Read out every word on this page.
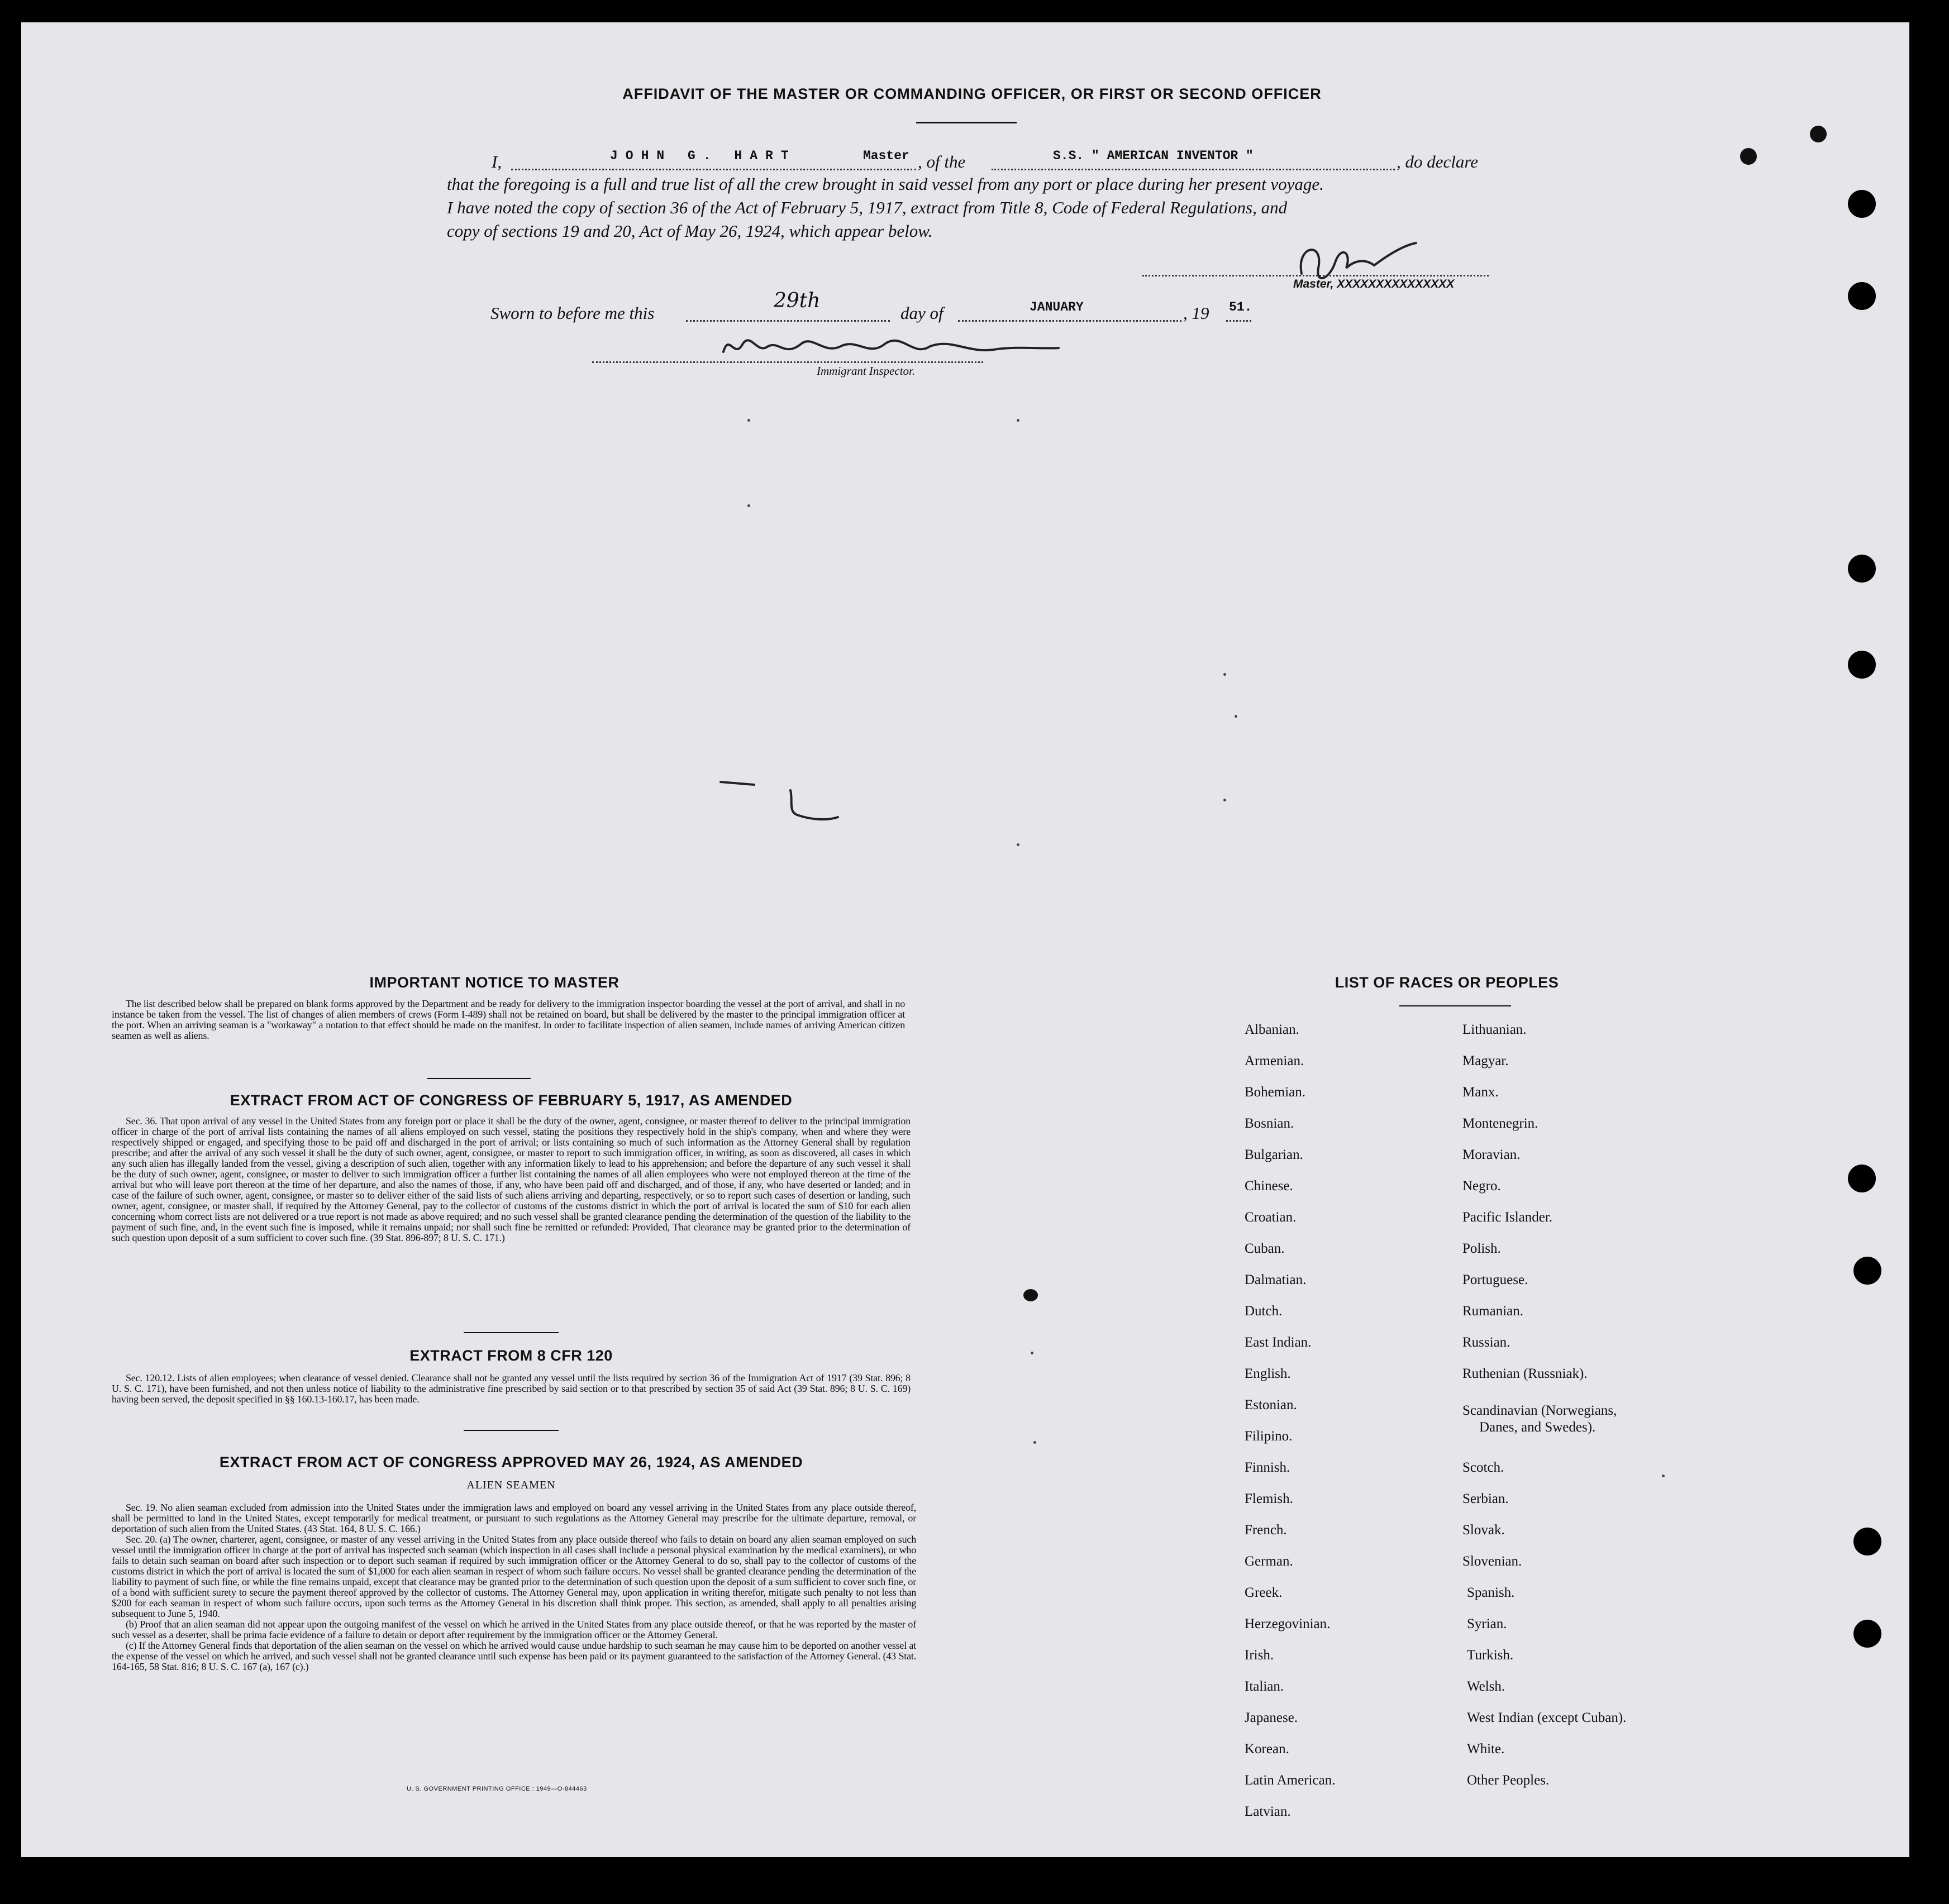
AFFIDAVIT OF THE MASTER OR COMMANDING OFFICER, OR FIRST OR SECOND OFFICER
I,	JOHN G. HART	Master , of the	S.S. " AMERICAN INVENTOR "	, do declare
that the foregoing is a full and true list of all the crew brought in said vessel from any port or place during her present voyage.
I have noted the copy of section 36 of the Act of February 5, 1917, extract from Title 8, Code of Federal Regulations, and
copy of sections 19 and 20, Act of May 26, 1924, which appear below.
Master, XXXXXXXXXXXXXXX
Sworn to before me this
29th
day of	JANUARY	, 19 51.
Immigrant Inspector.
IMPORTANT NOTICE TO MASTER

The list described below shall be prepared on blank forms approved by the Department and be ready for delivery to the immigration inspector boarding the vessel at the port of arrival, and shall in no instance be taken from the vessel. The list of changes of alien members of crews (Form I-489) shall not be retained on board, but shall be delivered by the master to the principal immigration officer at the port. When an arriving seaman is a "workaway" a notation to that effect should be made on the manifest. In order to facilitate inspection of alien seamen, include names of arriving American citizen seamen as well as aliens.

EXTRACT FROM ACT OF CONGRESS OF FEBRUARY 5, 1917, AS AMENDED

Sec. 36. That upon arrival of any vessel in the United States from any foreign port or place it shall be the duty of the owner, agent, consignee, or master thereof to deliver to the principal immigration officer in charge of the port of arrival lists containing the names of all aliens employed on such vessel, stating the positions they respectively hold in the ship's company, when and where they were respectively shipped or engaged, and specifying those to be paid off and discharged in the port of arrival; or lists containing so much of such information as the Attorney General shall by regulation prescribe; and after the arrival of any such vessel it shall be the duty of such owner, agent, consignee, or master to report to such immigration officer, in writing, as soon as discovered, all cases in which any such alien has illegally landed from the vessel, giving a description of such alien, together with any information likely to lead to his apprehension; and before the departure of any such vessel it shall be the duty of such owner, agent, consignee, or master to deliver to such immigration officer a further list containing the names of all alien employees who were not employed thereon at the time of the arrival but who will leave port thereon at the time of her departure, and also the names of those, if any, who have been paid off and discharged, and of those, if any, who have deserted or landed; and in case of the failure of such owner, agent, consignee, or master so to deliver either of the said lists of such aliens arriving and departing, respectively, or so to report such cases of desertion or landing, such owner, agent, consignee, or master shall, if required by the Attorney General, pay to the collector of customs of the customs district in which the port of arrival is located the sum of $10 for each alien concerning whom correct lists are not delivered or a true report is not made as above required; and no such vessel shall be granted clearance pending the determination of the question of the liability to the payment of such fine, and, in the event such fine is imposed, while it remains unpaid; nor shall such fine be remitted or refunded: Provided, That clearance may be granted prior to the determination of such question upon deposit of a sum sufficient to cover such fine. (39 Stat. 896-897; 8 U. S. C. 171.)

EXTRACT FROM 8 CFR 120

Sec. 120.12. Lists of alien employees; when clearance of vessel denied. Clearance shall not be granted any vessel until the lists required by section 36 of the Immigration Act of 1917 (39 Stat. 896; 8 U. S. C. 171), have been furnished, and not then unless notice of liability to the administrative fine prescribed by said section or to that prescribed by section 35 of said Act (39 Stat. 896; 8 U. S. C. 169) having been served, the deposit specified in §§ 160.13-160.17, has been made.

EXTRACT FROM ACT OF CONGRESS APPROVED MAY 26, 1924, AS AMENDED
ALIEN SEAMEN

Sec. 19. No alien seaman excluded from admission into the United States under the immigration laws and employed on board any vessel arriving in the United States from any place outside thereof, shall be permitted to land in the United States, except temporarily for medical treatment, or pursuant to such regulations as the Attorney General may prescribe for the ultimate departure, removal, or deportation of such alien from the United States. (43 Stat. 164, 8 U. S. C. 166.)

Sec. 20. (a) The owner, charterer, agent, consignee, or master of any vessel arriving in the United States from any place outside thereof who fails to detain on board any alien seaman employed on such vessel until the immigration officer in charge at the port of arrival has inspected such seaman (which inspection in all cases shall include a personal physical examination by the medical examiners), or who fails to detain such seaman on board after such inspection or to deport such seaman if required by such immigration officer or the Attorney General to do so, shall pay to the collector of customs of the customs district in which the port of arrival is located the sum of $1,000 for each alien seaman in respect of whom such failure occurs. No vessel shall be granted clearance pending the determination of the liability to payment of such fine, or while the fine remains unpaid, except that clearance may be granted prior to the determination of such question upon the deposit of a sum sufficient to cover such fine, or of a bond with sufficient surety to secure the payment thereof approved by the collector of customs. The Attorney General may, upon application in writing therefor, mitigate such penalty to not less than $200 for each seaman in respect of whom such failure occurs, upon such terms as the Attorney General in his discretion shall think proper. This section, as amended, shall apply to all penalties arising subsequent to June 5, 1940.

(b) Proof that an alien seaman did not appear upon the outgoing manifest of the vessel on which he arrived in the United States from any place outside thereof, or that he was reported by the master of such vessel as a deserter, shall be prima facie evidence of a failure to detain or deport after requirement by the immigration officer or the Attorney General.

(c) If the Attorney General finds that deportation of the alien seaman on the vessel on which he arrived would cause undue hardship to such seaman he may cause him to be deported on another vessel at the expense of the vessel on which he arrived, and such vessel shall not be granted clearance until such expense has been paid or its payment guaranteed to the satisfaction of the Attorney General. (43 Stat. 164-165, 58 Stat. 816; 8 U. S. C. 167 (a), 167 (c).)

U. S. GOVERNMENT PRINTING OFFICE : 1949—O-844463
LIST OF RACES OR PEOPLES
Albanian.
Armenian.
Bohemian.
Bosnian.
Bulgarian.
Chinese.
Croatian.
Cuban.
Dalmatian.
Dutch.
East Indian.
English.
Estonian.
Filipino.
Finnish.
Flemish.
French.
German.
Greek.
Herzegovinian.
Irish.
Italian.
Japanese.
Korean.
Latin American.
Latvian.
Lithuanian.
Magyar.
Manx.
Montenegrin.
Moravian.
Negro.
Pacific Islander.
Polish.
Portuguese.
Rumanian.
Russian.
Ruthenian (Russniak).
Scandinavian (Norwegians,
Danes, and Swedes).
Scotch.
Serbian.
Slovak.
Slovenian.
Spanish.
Syrian.
Turkish.
Welsh.
West Indian (except Cuban).
White.
Other Peoples.
